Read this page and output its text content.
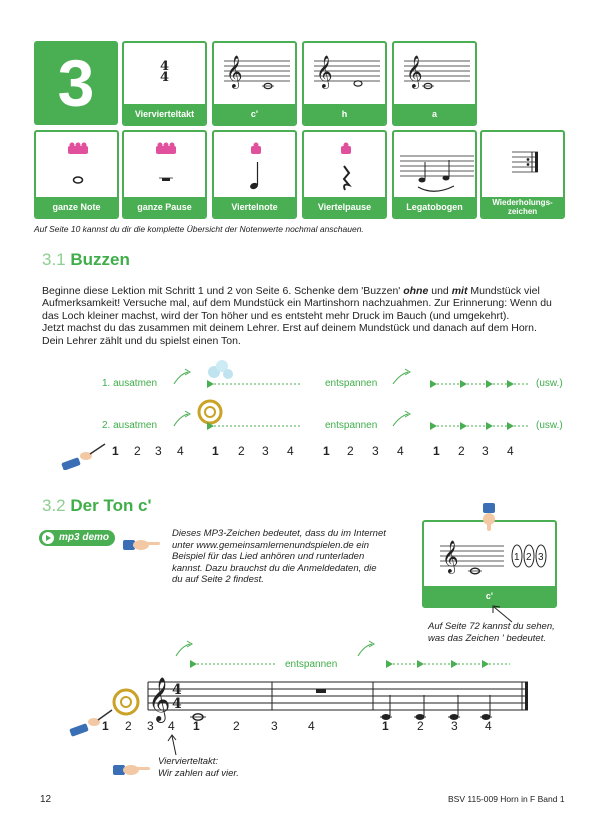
3	4
4
Viervierteltakt
𝄞
c'
𝄞
h
𝄞
a
ganze Note	ganze Pause	Viertelnote	Viertelpause	Legatobogen	Wiederholungs-
zeichen
Auf Seite 10 kannst du dir die komplette Übersicht der Notenwerte nochmal anschauen.
3.1 Buzzen
Beginne diese Lektion mit Schritt 1 und 2 von Seite 6. Schenke dem 'Buzzen' ohne und mit Mundstück viel Aufmerksamkeit! Versuche mal, auf dem Mundstück ein Martinshorn nachzuahmen. Zur Erinnerung: Wenn du das Loch kleiner machst, wird der Ton höher und es entsteht mehr Druck im Bauch (und umgekehrt).
Jetzt machst du das zusammen mit deinem Lehrer. Erst auf deinem Mundstück und danach auf dem Horn.
Dein Lehrer zählt und du spielst einen Ton.
1. ausatmen
2. ausatmen
entspannen
entspannen
(usw.)
(usw.)
1 2 3 4 1 2 3 4 1 2 3 4 1 2 3 4
3.2 Der Ton c'
mp3 demo	Dieses MP3-Zeichen bedeutet, dass du im Internet unter www.gemeinsamlernenundspielen.de ein Beispiel für das Lied anhören und runterladen kannst. Dazu brauchst du die Anmeldedaten, die du auf Seite 2 findest.
𝄞	1 2 3
c'
Auf Seite 72 kannst du sehen, was das Zeichen ' bedeutet.
𝄞 4
4
entspannen
1 2 3 4 1	2	3	4	1 2 3 4
Viervierteltakt:
Wir zahlen auf vier.
12	BSV 115-009 Horn in F Band 1
